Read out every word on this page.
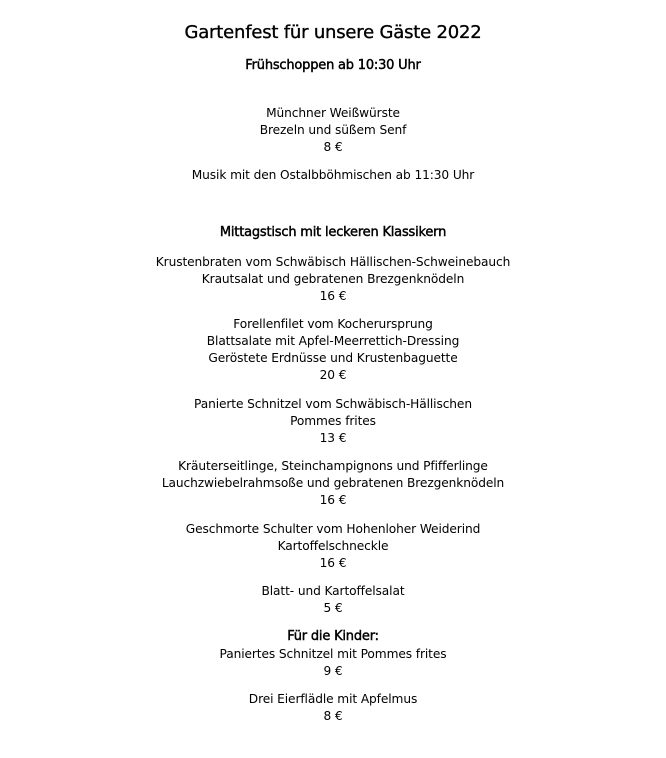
Gartenfest für unsere Gäste 2022
Frühschoppen ab 10:30 Uhr
Münchner Weißwürste
Brezeln und süßem Senf
8 €
Musik mit den Ostalbböhmischen ab 11:30 Uhr
Mittagstisch mit leckeren Klassikern
Krustenbraten vom Schwäbisch Hällischen-Schweinebauch
Krautsalat und gebratenen Brezgenknödeln
16 €
Forellenfilet vom Kocherursprung
Blattsalate mit Apfel-Meerrettich-Dressing
Geröstete Erdnüsse und Krustenbaguette
20 €
Panierte Schnitzel vom Schwäbisch-Hällischen
Pommes frites
13 €
Kräuterseitlinge, Steinchampignons und Pfifferlinge
Lauchzwiebelrahmsoße und gebratenen Brezgenknödeln
16 €
Geschmorte Schulter vom Hohenloher Weiderind
Kartoffelschneckle
16 €
Blatt- und Kartoffelsalat
5 €
Für die Kinder:
Paniertes Schnitzel mit Pommes frites
9 €
Drei Eierflädle mit Apfelmus
8 €
